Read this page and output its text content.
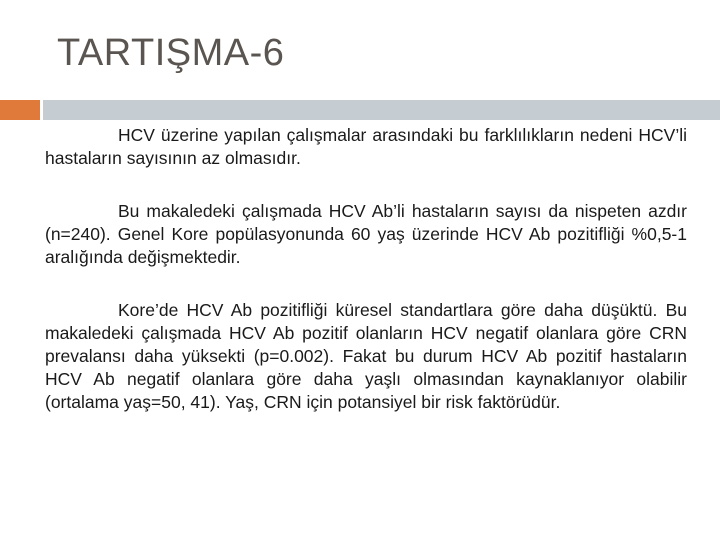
TARTIŞMA-6

HCV üzerine yapılan çalışmalar arasındaki bu farklılıkların nedeni HCV’li hastaların sayısının az olmasıdır.

Bu makaledeki çalışmada HCV Ab’li hastaların sayısı da nispeten azdır (n=240). Genel Kore popülasyonunda 60 yaş üzerinde HCV Ab pozitifliği %0,5-1 aralığında değişmektedir.

Kore’de HCV Ab pozitifliği küresel standartlara göre daha düşüktü. Bu makaledeki çalışmada HCV Ab pozitif olanların HCV negatif olanlara göre CRN prevalansı daha yüksekti (p=0.002). Fakat bu durum HCV Ab pozitif hastaların HCV Ab negatif olanlara göre daha yaşlı olmasından kaynaklanıyor olabilir (ortalama yaş=50, 41). Yaş, CRN için potansiyel bir risk faktörüdür.
